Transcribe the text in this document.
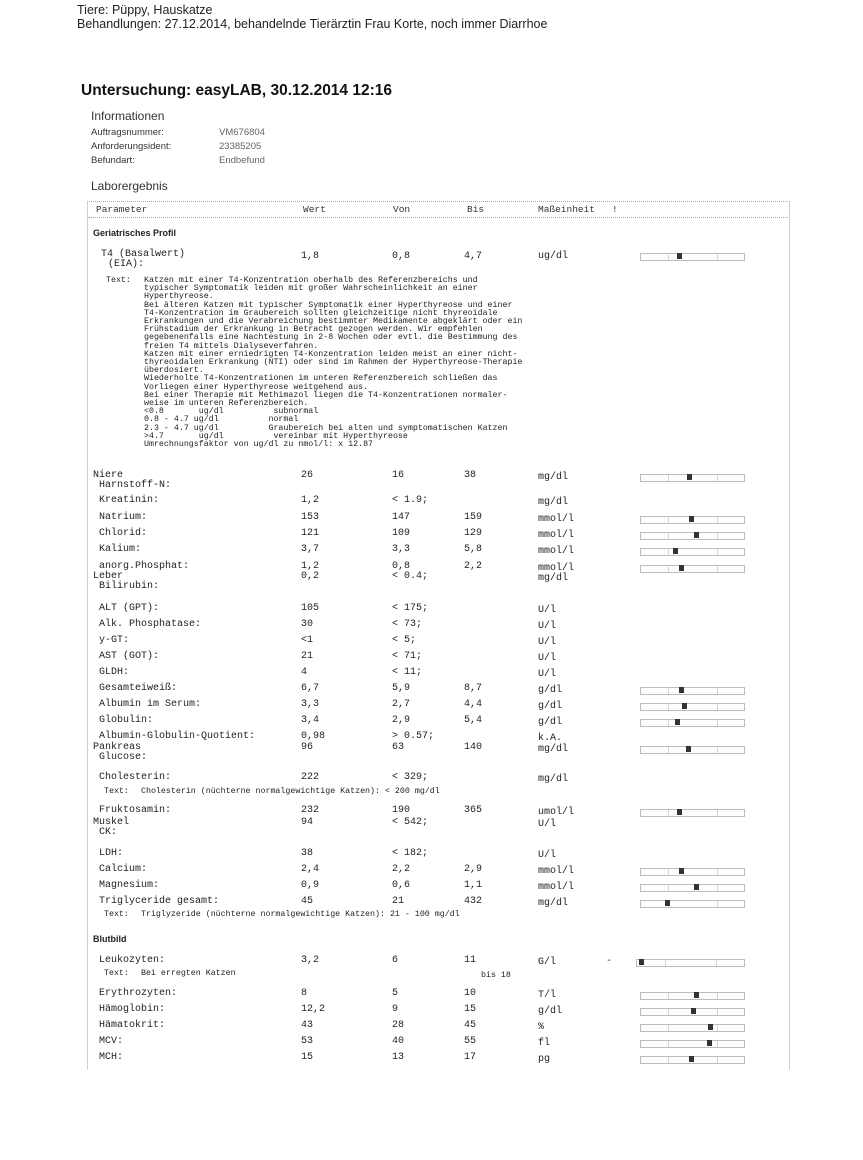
Tiere: Püppy, Hauskatze
Behandlungen: 27.12.2014, behandelnde Tierärztin Frau Korte, noch immer Diarrhoe
Untersuchung: easyLAB, 30.12.2014 12:16
Informationen
Auftragsnummer:	VM676804
Anforderungsident:	23385205
Befundart:	Endbefund
Laborergebnis
Parameter	Wert	Von	Bis	Maßeinheit !
Geriatrisches Profil
T4 (Basalwert)
(EIA):
1,8	0,8	4,7	ug/dl
Text: Katzen mit einer T4-Konzentration oberhalb des Referenzbereichs und
typischer Symptomatik leiden mit großer Wahrscheinlichkeit an einer
Hyperthyreose.
Bei älteren Katzen mit typischer Symptomatik einer Hyperthyreose und einer
T4-Konzentration im Graubereich sollten gleichzeitige nicht thyreoidale
Erkrankungen und die Verabreichung bestimmter Medikamente abgeklärt oder ein
Frühstadium der Erkrankung in Betracht gezogen werden. Wir empfehlen
gegebenenfalls eine Nachtestung in 2-8 Wochen oder evtl. die Bestimmung des
freien T4 mittels Dialyseverfahren.
Katzen mit einer erniedrigten T4-Konzentration leiden meist an einer nicht-
thyreoidalen Erkrankung (NTI) oder sind im Rahmen der Hyperthyreose-Therapie
überdosiert.
Wiederholte T4-Konzentrationen im unteren Referenzbereich schließen das
Vorliegen einer Hyperthyreose weitgehend aus.
Bei einer Therapie mit Methimazol liegen die T4-Konzentrationen normaler-
weise im unteren Referenzbereich.
<0.8       ug/dl          subnormal
0.8 - 4.7 ug/dl          normal
2.3 - 4.7 ug/dl          Graubereich bei alten und symptomatischen Katzen
>4.7       ug/dl          vereinbar mit Hyperthyreose
Umrechnungsfaktor von ug/dl zu nmol/l: x 12.87
Niere
Harnstoff-N:
26	16	38	mg/dl
Kreatinin:	1,2	< 1.9;	mg/dl
Natrium:	153	147	159	mmol/l
Chlorid:	121	109	129	mmol/l
Kalium:	3,7	3,3	5,8	mmol/l
anorg.Phosphat:	1,2	0,8	2,2	mmol/l
Leber
Bilirubin:
0,2	< 0.4;	mg/dl
ALT (GPT):	105	< 175;	U/l
Alk. Phosphatase:	30	< 73;	U/l
y-GT:	<1	< 5;	U/l
AST (GOT):	21	< 71;	U/l
GLDH:	4	< 11;	U/l
Gesamteiweiß:	6,7	5,9	8,7	g/dl
Albumin im Serum:	3,3	2,7	4,4	g/dl
Globulin:	3,4	2,9	5,4	g/dl
Albumin-Globulin-Quotient:	0,98	> 0.57;	k.A.
Pankreas
Glucose:
96	63	140	mg/dl
Cholesterin:	222	< 329;	mg/dl
Text: Cholesterin (nüchterne normalgewichtige Katzen): < 200 mg/dl
Fruktosamin:	232	190	365	umol/l
Muskel
CK:
94	< 542;	U/l
LDH:	38	< 182;	U/l
Calcium:	2,4	2,2	2,9	mmol/l
Magnesium:	0,9	0,6	1,1	mmol/l
Triglyceride gesamt:	45	21	432	mg/dl
Text: Triglyzeride (nüchterne normalgewichtige Katzen): 21 - 100 mg/dl
Blutbild
Leukozyten:	3,2	6	11	G/l	-
Text: Bei erregten Katzen	bis 18
Erythrozyten:	8	5	10	T/l
Hämoglobin:	12,2	9	15	g/dl
Hämatokrit:	43	28	45	%
MCV:	53	40	55	fl
MCH:	15	13	17	pg
